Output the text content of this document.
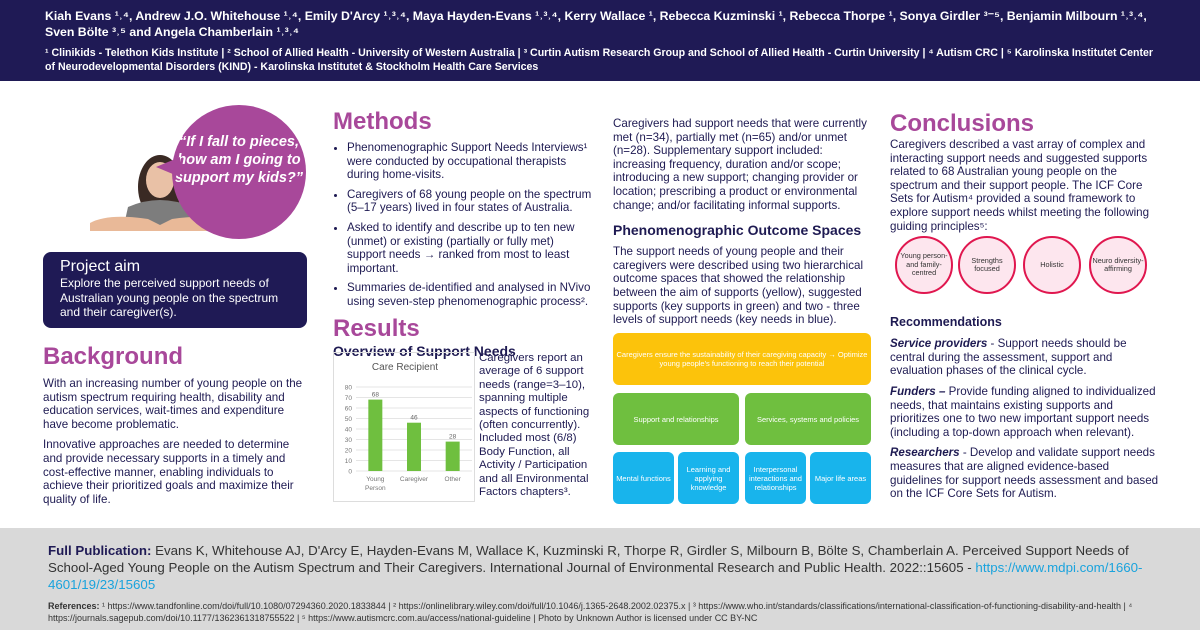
Kiah Evans ¹˒⁴, Andrew J.O. Whitehouse ¹˒⁴, Emily D'Arcy ¹˒³˒⁴, Maya Hayden-Evans ¹˒³˒⁴, Kerry Wallace ¹, Rebecca Kuzminski ¹, Rebecca Thorpe ¹, Sonya Girdler ³⁻⁵, Benjamin Milbourn ¹˒³˒⁴, Sven Bölte ³˒⁵ and Angela Chamberlain ¹˒³˒⁴
¹ Clinikids - Telethon Kids Institute | ² School of Allied Health - University of Western Australia | ³ Curtin Autism Research Group and School of Allied Health - Curtin University | ⁴ Autism CRC | ⁵ Karolinska Institutet Center of Neurodevelopmental Disorders (KIND) - Karolinska Institutet & Stockholm Health Care Services
“If I fall to pieces, how am I going to support my kids?”
Project aim
Explore the perceived support needs of Australian young people on the spectrum and their caregiver(s).
Background

With an increasing number of young people on the autism spectrum requiring health, disability and education services, wait-times and expenditure have become problematic.

Innovative approaches are needed to determine and provide necessary supports in a timely and cost-effective manner, enabling individuals to achieve their prioritized goals and maximize their quality of life.

Methods
• Phenomenographic Support Needs Interviews¹ were conducted by occupational therapists during home-visits.
• Caregivers of 68 young people on the spectrum (5–17 years) lived in four states of Australia.
• Asked to identify and describe up to ten new (unmet) or existing (partially or fully met) support needs → ranked from most to least important.
• Summaries de-identified and analysed in NVivo using seven-step phenomenographic process².
Results
Overview of Support Needs
Care Recipient
0
10
20
30
40
50
60
70
80
68
Young
Person
46
Caregiver
28
Other
Caregivers report an average of 6 support needs (range=3–10), spanning multiple aspects of functioning (often concurrently). Included most (6/8) Body Function, all Activity / Participation and all Environmental Factors chapters³.

Caregivers had support needs that were currently met (n=34), partially met (n=65) and/or unmet (n=28). Supplementary support included: increasing frequency, duration and/or scope; introducing a new support; changing provider or location; prescribing a product or environmental change; and/or facilitating informal supports.

Phenomenographic Outcome Spaces

The support needs of young people and their caregivers were described using two hierarchical outcome spaces that showed the relationship between the aim of supports (yellow), suggested supports (key supports in green) and two - three levels of support needs (key needs in blue).

Caregivers ensure the sustainability of their caregiving capacity → Optimize young people's functioning to reach their potential
Support and relationships	Services, systems and policies
Mental functions
Learning and applying knowledge
Interpersonal interactions and relationships
Major life areas
Conclusions

Caregivers described a vast array of complex and interacting support needs and suggested supports related to 68 Australian young people on the spectrum and their support people. The ICF Core Sets for Autism⁴ provided a sound framework to explore support needs whilst meeting the following guiding principles⁵:

Recommendations

Service providers - Support needs should be central during the assessment, support and evaluation phases of the clinical cycle.

Funders – Provide funding aligned to individualized needs, that maintains existing supports and prioritizes one to two new important support needs (including a top-down approach when relevant).

Researchers - Develop and validate support needs measures that are aligned evidence-based guidelines for support needs assessment and based on the ICF Core Sets for Autism.

Young person- and family-centred
Strengths focused	Holistic	Neuro diversity-affirming
Full Publication: Evans K, Whitehouse AJ, D'Arcy E, Hayden-Evans M, Wallace K, Kuzminski R, Thorpe R, Girdler S, Milbourn B, Bölte S, Chamberlain A. Perceived Support Needs of School-Aged Young People on the Autism Spectrum and Their Caregivers. International Journal of Environmental Research and Public Health. 2022::15605 - https://www.mdpi.com/1660-4601/19/23/15605
References: ¹ https://www.tandfonline.com/doi/full/10.1080/07294360.2020.1833844 | ² https://onlinelibrary.wiley.com/doi/full/10.1046/j.1365-2648.2002.02375.x | ³ https://www.who.int/standards/classifications/international-classification-of-functioning-disability-and-health | ⁴ https://journals.sagepub.com/doi/10.1177/1362361318755522 | ⁵ https://www.autismcrc.com.au/access/national-guideline | Photo by Unknown Author is licensed under CC BY-NC
